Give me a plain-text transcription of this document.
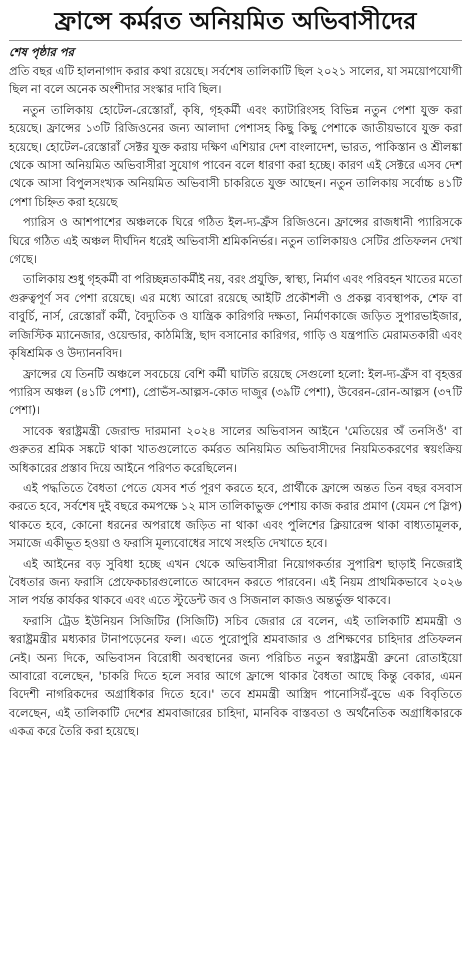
ফ্রান্সে কর্মরত অনিয়মিত অভিবাসীদের
শেষ পৃষ্ঠার পর

প্রতি বছর এটি হালনাগাদ করার কথা রয়েছে। সর্বশেষ তালিকাটি ছিল ২০২১ সালের, যা সময়োপযোগী ছিল না বলে অনেক অংশীদার সংস্কার দাবি ছিল।

নতুন তালিকায় হোটেল-রেস্তোরাঁ, কৃষি, গৃহকর্মী এবং ক্যাটারিংসহ বিভিন্ন নতুন পেশা যুক্ত করা হয়েছে। ফ্রান্সের ১৩টি রিজিওনের জন্য আলাদা পেশাসহ কিছু কিছু পেশাকে জাতীয়ভাবে যুক্ত করা হয়েছে। হোটেল-রেস্তোরাঁ সেক্টর যুক্ত করায় দক্ষিণ এশিয়ার দেশ বাংলাদেশ, ভারত, পাকিস্তান ও শ্রীলঙ্কা থেকে আসা অনিয়মিত অভিবাসীরা সুযোগ পাবেন বলে ধারণা করা হচ্ছে। কারণ এই সেক্টরে এসব দেশ থেকে আসা বিপুলসংখ্যক অনিয়মিত অভিবাসী চাকরিতে যুক্ত আছেন। নতুন তালিকায় সর্বোচ্চ ৪১টি পেশা চিহ্নিত করা হয়েছে

প্যারিস ও আশপাশের অঞ্চলকে ঘিরে গঠিত ইল-দ্য-ফ্রঁস রিজিওনে। ফ্রান্সের রাজধানী প্যারিসকে ঘিরে গঠিত এই অঞ্চল দীর্ঘদিন ধরেই অভিবাসী শ্রমিকনির্ভর। নতুন তালিকায়ও সেটির প্রতিফলন দেখা গেছে।

তালিকায় শুধু গৃহকর্মী বা পরিচ্ছন্নতাকর্মীই নয়, বরং প্রযুক্তি, স্বাস্থ্য, নির্মাণ এবং পরিবহন খাতের মতো গুরুত্বপূর্ণ সব পেশা রয়েছে। এর মধ্যে আরো রয়েছে আইটি প্রকৌশলী ও প্রকল্প ব্যবস্থাপক, শেফ বা বাবুর্চি, নার্স, রেস্তোরাঁ কর্মী, বৈদ্যুতিক ও যান্ত্রিক কারিগরি দক্ষতা, নির্মাণকাজে জড়িত সুপারভাইজার, লজিস্টিক ম্যানেজার, ওয়েল্ডার, কাঠমিস্ত্রি, ছাদ বসানোর কারিগর, গাড়ি ও যন্ত্রপাতি মেরামতকারী এবং কৃষিশ্রমিক ও উদ্যাননবিদ।

ফ্রান্সের যে তিনটি অঞ্চলে সবচেয়ে বেশি কর্মী ঘাটতি রয়েছে সেগুলো হলো: ইল-দ্য-ফ্রঁস বা বৃহত্তর প্যারিস অঞ্চল (৪১টি পেশা), প্রোভঁস-আল্পস-কোত দাজুর (৩৯টি পেশা), উবেরন-রোন-আল্পস (৩৭টি পেশা)।

সাবেক স্বরাষ্ট্রমন্ত্রী জেরাল্ড দারমানা ২০২৪ সালের অভিবাসন আইনে 'মেতিয়ের অঁ তনসিওঁ' বা গুরুতর শ্রমিক সঙ্কটে থাকা খাতগুলোতে কর্মরত অনিয়মিত অভিবাসীদের নিয়মিতকরণের স্বয়ংক্রিয় অধিকারের প্রস্তাব দিয়ে আইনে পরিণত করেছিলেন।

এই পদ্ধতিতে বৈধতা পেতে যেসব শর্ত পূরণ করতে হবে, প্রার্থীকে ফ্রান্সে অন্তত তিন বছর বসবাস করতে হবে, সর্বশেষ দুই বছরে কমপক্ষে ১২ মাস তালিকাভুক্ত পেশায় কাজ করার প্রমাণ (যেমন পে স্লিপ) থাকতে হবে, কোনো ধরনের অপরাধে জড়িত না থাকা এবং পুলিশের ক্লিয়ারেন্স থাকা বাধ্যতামূলক, সমাজে একীভূত হওয়া ও ফরাসি মূল্যবোধের সাথে সংহতি দেখাতে হবে।

এই আইনের বড় সুবিধা হচ্ছে এখন থেকে অভিবাসীরা নিয়োগকর্তার সুপারিশ ছাড়াই নিজেরাই বৈধতার জন্য ফরাসি প্রেফেকচারগুলোতে আবেদন করতে পারবেন। এই নিয়ম প্রাথমিকভাবে ২০২৬ সাল পর্যন্ত কার্যকর থাকবে এবং এতে স্টুডেন্ট জব ও সিজনাল কাজও অন্তর্ভুক্ত থাকবে।

ফরাসি ট্রেড ইউনিয়ন সিজিটির (সিজিটি) সচিব জেরার রে বলেন, এই তালিকাটি শ্রমমন্ত্রী ও স্বরাষ্ট্রমন্ত্রীর মধ্যকার টানাপড়েনের ফল। এতে পুরোপুরি শ্রমবাজার ও প্রশিক্ষণের চাহিদার প্রতিফলন নেই। অন্য দিকে, অভিবাসন বিরোধী অবস্থানের জন্য পরিচিত নতুন স্বরাষ্ট্রমন্ত্রী ব্রুনো রোতাইয়ো আবারো বলেছেন, 'চাকরি দিতে হলে সবার আগে ফ্রান্সে থাকার বৈধতা আছে কিন্তু বেকার, এমন বিদেশী নাগরিকদের অগ্রাধিকার দিতে হবে।' তবে শ্রমমন্ত্রী আস্ত্রিদ পানোসিয়ঁ-বুভে এক বিবৃতিতে বলেছেন, এই তালিকাটি দেশের শ্রমবাজারের চাহিদা, মানবিক বাস্তবতা ও অর্থনৈতিক অগ্রাধিকারকে একত্র করে তৈরি করা হয়েছে।
